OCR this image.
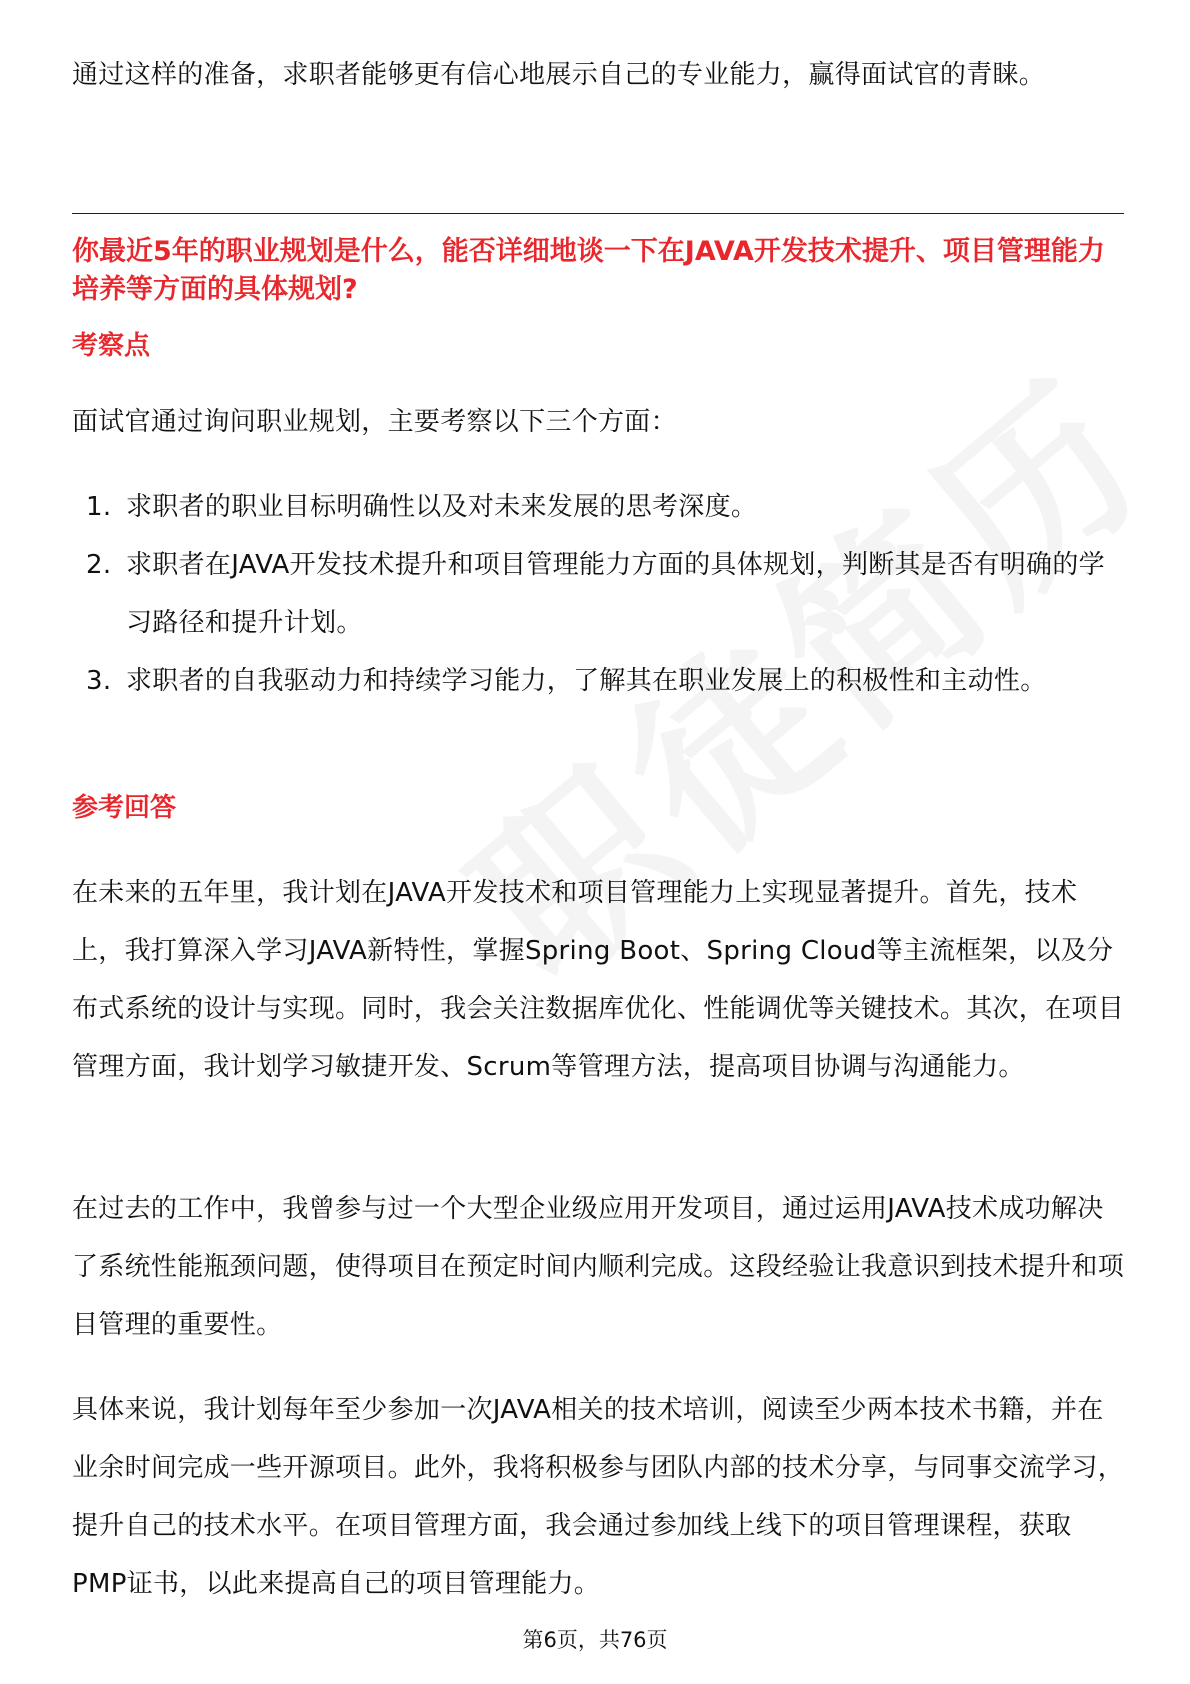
通过这样的准备，求职者能够更有信心地展示自己的专业能力，赢得面试官的青睐。

你最近5年的职业规划是什么，能否详细地谈一下在JAVA开发技术提升、项目管理能力培养等方面的具体规划?

考察点

面试官通过询问职业规划，主要考察以下三个方面：

1. 求职者的职业目标明确性以及对未来发展的思考深度。
2. 求职者在JAVA开发技术提升和项目管理能力方面的具体规划，判断其是否有明确的学习路径和提升计划。
3. 求职者的自我驱动力和持续学习能力，了解其在职业发展上的积极性和主动性。
参考回答

在未来的五年里，我计划在JAVA开发技术和项目管理能力上实现显著提升。首先，技术上，我打算深入学习JAVA新特性，掌握Spring Boot、Spring Cloud等主流框架，以及分布式系统的设计与实现。同时，我会关注数据库优化、性能调优等关键技术。其次，在项目管理方面，我计划学习敏捷开发、Scrum等管理方法，提高项目协调与沟通能力。

在过去的工作中，我曾参与过一个大型企业级应用开发项目，通过运用JAVA技术成功解决了系统性能瓶颈问题，使得项目在预定时间内顺利完成。这段经验让我意识到技术提升和项目管理的重要性。

具体来说，我计划每年至少参加一次JAVA相关的技术培训，阅读至少两本技术书籍，并在业余时间完成一些开源项目。此外，我将积极参与团队内部的技术分享，与同事交流学习，提升自己的技术水平。在项目管理方面，我会通过参加线上线下的项目管理课程，获取PMP证书，以此来提高自己的项目管理能力。

第6页，共76页
